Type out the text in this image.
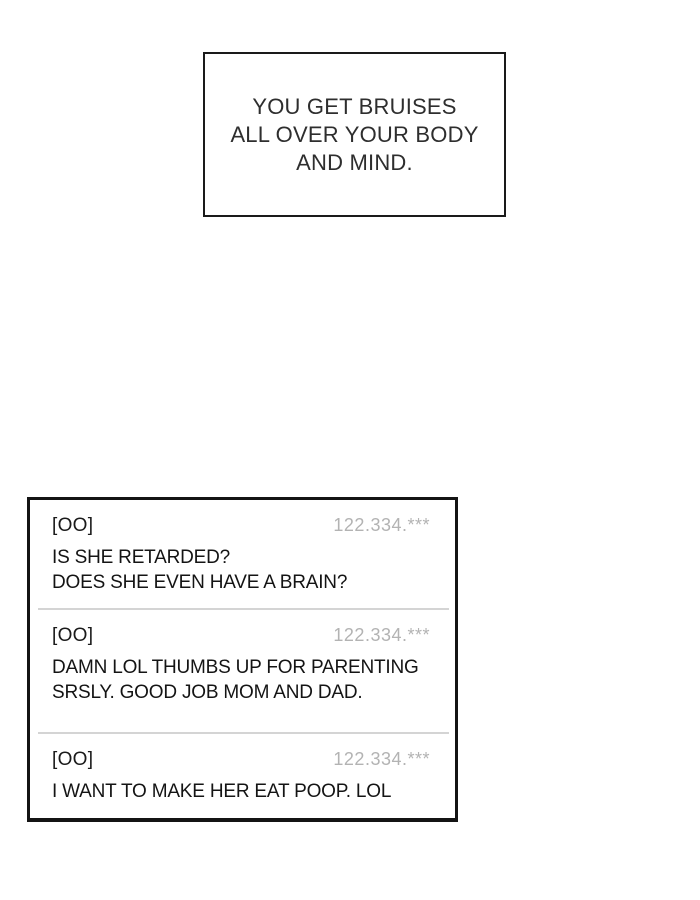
YOU GET BRUISES
ALL OVER YOUR BODY
AND MIND.
[OO]	122.334.***
IS SHE RETARDED?
DOES SHE EVEN HAVE A BRAIN?
[OO]	122.334.***
DAMN LOL THUMBS UP FOR PARENTING
SRSLY. GOOD JOB MOM AND DAD.
[OO]	122.334.***
I WANT TO MAKE HER EAT POOP. LOL
